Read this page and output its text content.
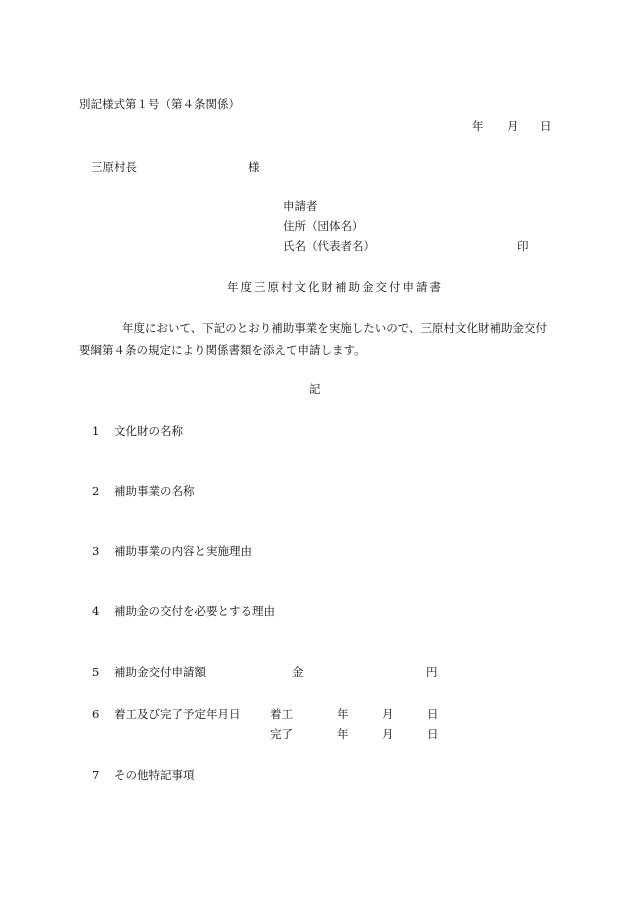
別記様式第１号（第４条関係）
年 月 日
三原村長	様
申請者
住所（団体名）
氏名（代表者名）	印
年度三原村文化財補助金交付申請書
年度において、下記のとおり補助事業を実施したいので、三原村文化財補助金交付
要綱第４条の規定により関係書類を添えて申請します。
記
1 文化財の名称
2 補助事業の名称
3 補助事業の内容と実施理由
4 補助金の交付を必要とする理由
5 補助金交付申請額	金	円
6 着工及び完了予定年月日	着工	年	月	日
完了	年	月	日
7 その他特記事項
